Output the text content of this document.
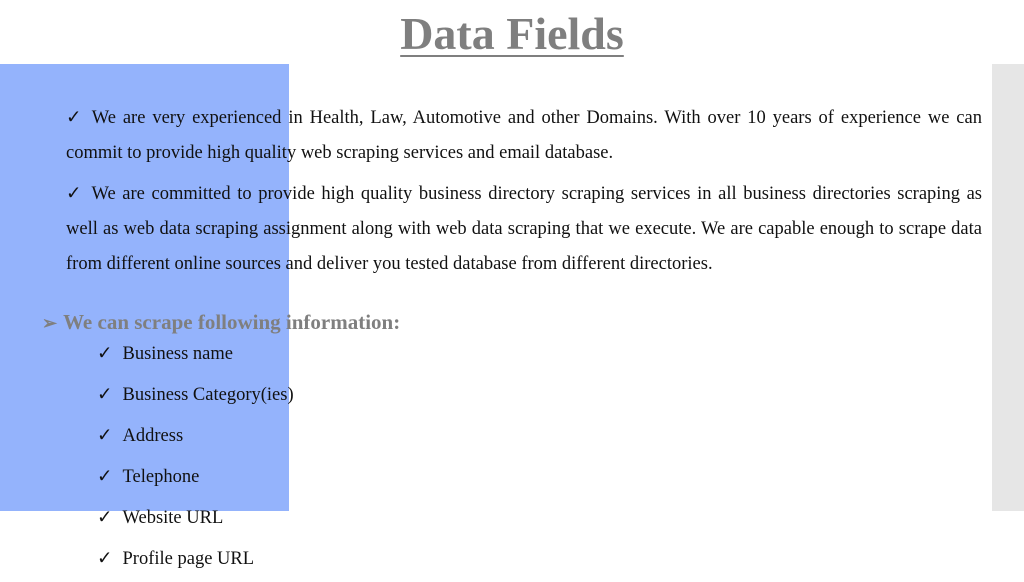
Data Fields

✓ We are very experienced in Health, Law, Automotive and other Domains. With over 10 years of experience we can commit to provide high quality web scraping services and email database.

✓ We are committed to provide high quality business directory scraping services in all business directories scraping as well as web data scraping assignment along with web data scraping that we execute. We are capable enough to scrape data from different online sources and deliver you tested database from different directories.

➢ We can scrape following information:
✓ Business name
✓ Business Category(ies)
✓ Address
✓ Telephone
✓ Website URL
✓ Profile page URL
